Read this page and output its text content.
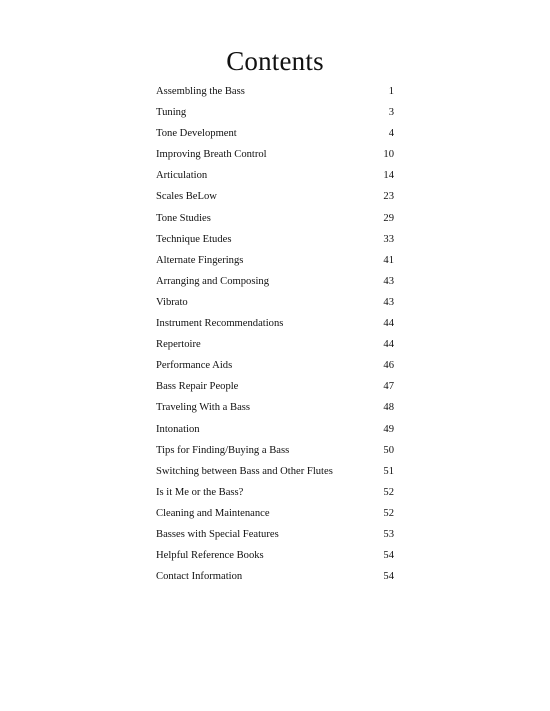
Contents
Assembling the Bass	1
Tuning	3
Tone Development	4
Improving Breath Control	10
Articulation	14
Scales BeLow	23
Tone Studies	29
Technique Etudes	33
Alternate Fingerings	41
Arranging and Composing	43
Vibrato	43
Instrument Recommendations	44
Repertoire	44
Performance Aids	46
Bass Repair People	47
Traveling With a Bass	48
Intonation	49
Tips for Finding/Buying a Bass	50
Switching between Bass and Other Flutes	51
Is it Me or the Bass?	52
Cleaning and Maintenance	52
Basses with Special Features	53
Helpful Reference Books	54
Contact Information	54
